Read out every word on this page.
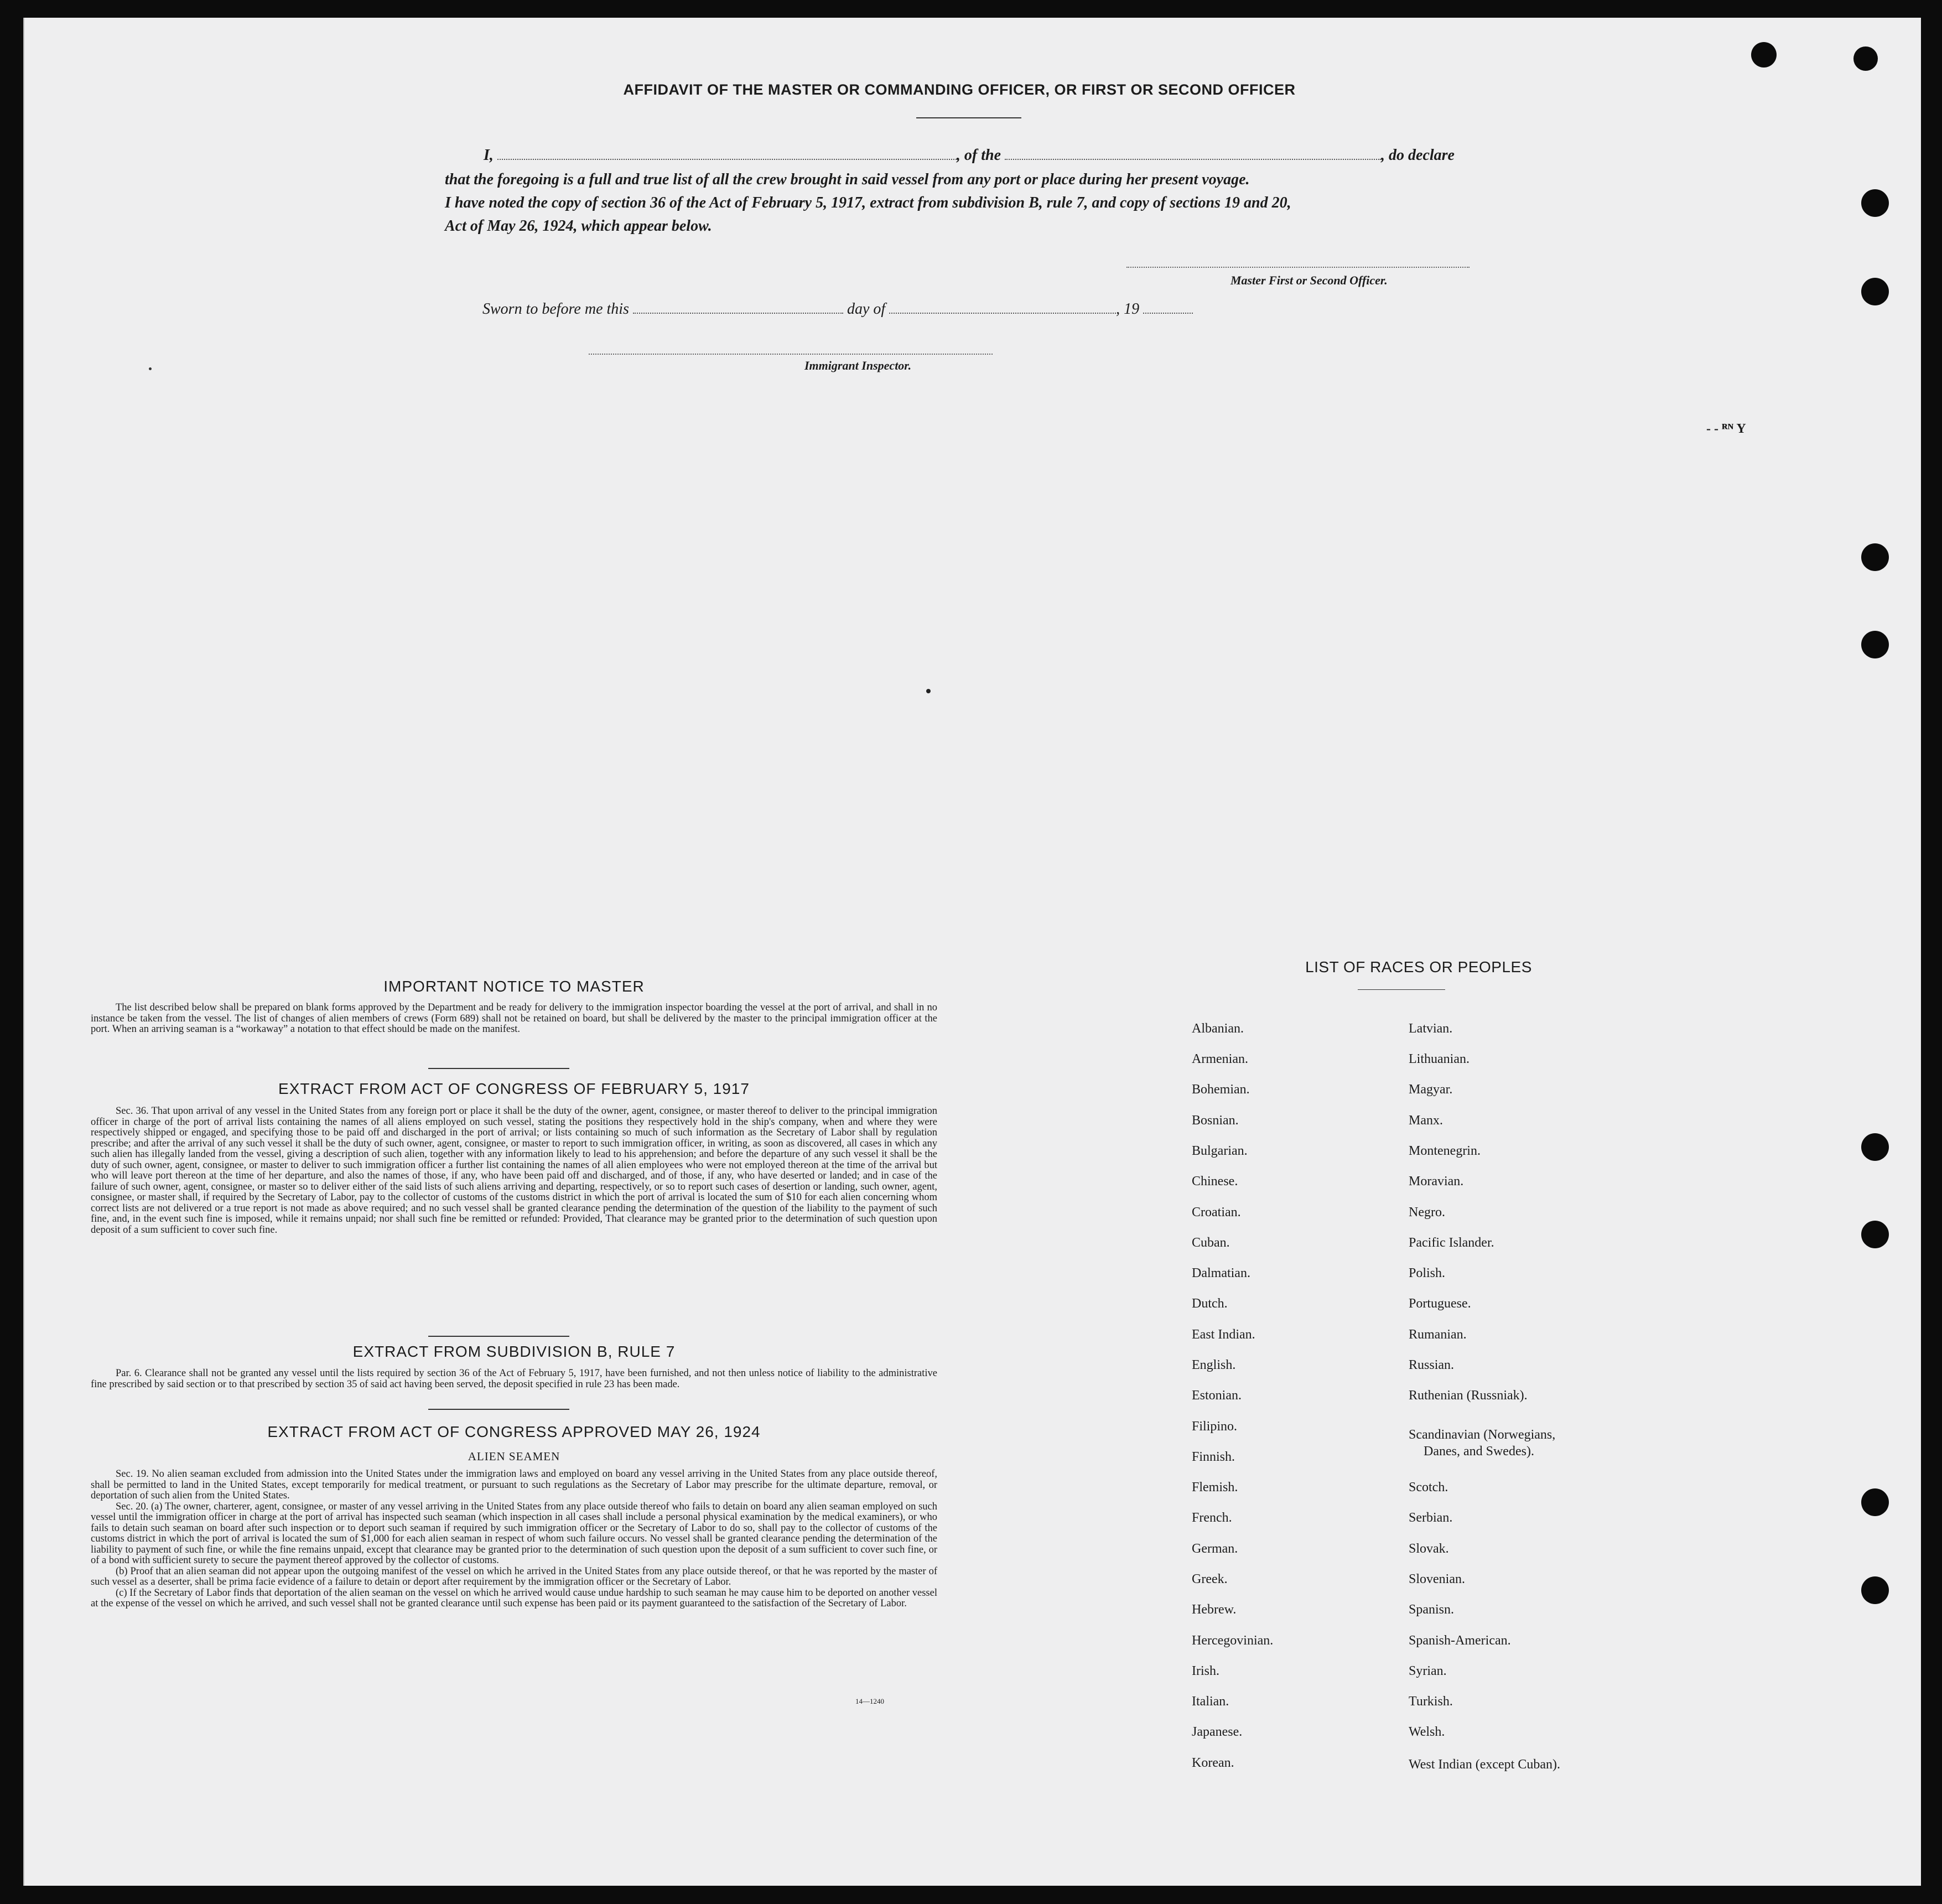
AFFIDAVIT OF THE MASTER OR COMMANDING OFFICER, OR FIRST OR SECOND OFFICER
I,	, of the	, do declare
that the foregoing is a full and true list of all the crew brought in said vessel from any port or place during her present voyage.
I have noted the copy of section 36 of the Act of February 5, 1917, extract from subdivision B, rule 7, and copy of sections 19 and 20,
Act of May 26, 1924, which appear below.
Master First or Second Officer.
Sworn to before me this	day of	, 19
Immigrant Inspector.
- - ᴿᴺ Y
IMPORTANT NOTICE TO MASTER

The list described below shall be prepared on blank forms approved by the Department and be ready for delivery to the immigration inspector boarding the vessel at the port of arrival, and shall in no instance be taken from the vessel. The list of changes of alien members of crews (Form 689) shall not be retained on board, but shall be delivered by the master to the principal immigration officer at the port. When an arriving seaman is a “workaway” a notation to that effect should be made on the manifest.

EXTRACT FROM ACT OF CONGRESS OF FEBRUARY 5, 1917

Sec. 36. That upon arrival of any vessel in the United States from any foreign port or place it shall be the duty of the owner, agent, consignee, or master thereof to deliver to the principal immigration officer in charge of the port of arrival lists containing the names of all aliens employed on such vessel, stating the positions they respectively hold in the ship's company, when and where they were respectively shipped or engaged, and specifying those to be paid off and discharged in the port of arrival; or lists containing so much of such information as the Secretary of Labor shall by regulation prescribe; and after the arrival of any such vessel it shall be the duty of such owner, agent, consignee, or master to report to such immigration officer, in writing, as soon as discovered, all cases in which any such alien has illegally landed from the vessel, giving a description of such alien, together with any information likely to lead to his apprehension; and before the departure of any such vessel it shall be the duty of such owner, agent, consignee, or master to deliver to such immigration officer a further list containing the names of all alien employees who were not employed thereon at the time of the arrival but who will leave port thereon at the time of her departure, and also the names of those, if any, who have been paid off and discharged, and of those, if any, who have deserted or landed; and in case of the failure of such owner, agent, consignee, or master so to deliver either of the said lists of such aliens arriving and departing, respectively, or so to report such cases of desertion or landing, such owner, agent, consignee, or master shall, if required by the Secretary of Labor, pay to the collector of customs of the customs district in which the port of arrival is located the sum of $10 for each alien concerning whom correct lists are not delivered or a true report is not made as above required; and no such vessel shall be granted clearance pending the determination of the question of the liability to the payment of such fine, and, in the event such fine is imposed, while it remains unpaid; nor shall such fine be remitted or refunded: Provided, That clearance may be granted prior to the determination of such question upon deposit of a sum sufficient to cover such fine.

EXTRACT FROM SUBDIVISION B, RULE 7

Par. 6. Clearance shall not be granted any vessel until the lists required by section 36 of the Act of February 5, 1917, have been furnished, and not then unless notice of liability to the administrative fine prescribed by said section or to that prescribed by section 35 of said act having been served, the deposit specified in rule 23 has been made.

EXTRACT FROM ACT OF CONGRESS APPROVED MAY 26, 1924
ALIEN SEAMEN

Sec. 19. No alien seaman excluded from admission into the United States under the immigration laws and employed on board any vessel arriving in the United States from any place outside thereof, shall be permitted to land in the United States, except temporarily for medical treatment, or pursuant to such regulations as the Secretary of Labor may prescribe for the ultimate departure, removal, or deportation of such alien from the United States.

Sec. 20. (a) The owner, charterer, agent, consignee, or master of any vessel arriving in the United States from any place outside thereof who fails to detain on board any alien seaman employed on such vessel until the immigration officer in charge at the port of arrival has inspected such seaman (which inspection in all cases shall include a personal physical examination by the medical examiners), or who fails to detain such seaman on board after such inspection or to deport such seaman if required by such immigration officer or the Secretary of Labor to do so, shall pay to the collector of customs of the customs district in which the port of arrival is located the sum of $1,000 for each alien seaman in respect of whom such failure occurs. No vessel shall be granted clearance pending the determination of the liability to payment of such fine, or while the fine remains unpaid, except that clearance may be granted prior to the determination of such question upon the deposit of a sum sufficient to cover such fine, or of a bond with sufficient surety to secure the payment thereof approved by the collector of customs.

(b) Proof that an alien seaman did not appear upon the outgoing manifest of the vessel on which he arrived in the United States from any place outside thereof, or that he was reported by the master of such vessel as a deserter, shall be prima facie evidence of a failure to detain or deport after requirement by the immigration officer or the Secretary of Labor.

(c) If the Secretary of Labor finds that deportation of the alien seaman on the vessel on which he arrived would cause undue hardship to such seaman he may cause him to be deported on another vessel at the expense of the vessel on which he arrived, and such vessel shall not be granted clearance until such expense has been paid or its payment guaranteed to the satisfaction of the Secretary of Labor.

14—1240
LIST OF RACES OR PEOPLES
Albanian.
Armenian.
Bohemian.
Bosnian.
Bulgarian.
Chinese.
Croatian.
Cuban.
Dalmatian.
Dutch.
East Indian.
English.
Estonian.
Filipino.
Finnish.
Flemish.
French.
German.
Greek.
Hebrew.
Hercegovinian.
Irish.
Italian.
Japanese.
Korean.
Latvian.
Lithuanian.
Magyar.
Manx.
Montenegrin.
Moravian.
Negro.
Pacific Islander.
Polish.
Portuguese.
Rumanian.
Russian.
Ruthenian (Russniak).
Scandinavian (Norwegians,
Danes, and Swedes).
Scotch.
Serbian.
Slovak.
Slovenian.
Spanisn.
Spanish-American.
Syrian.
Turkish.
Welsh.
West Indian (except Cuban).
